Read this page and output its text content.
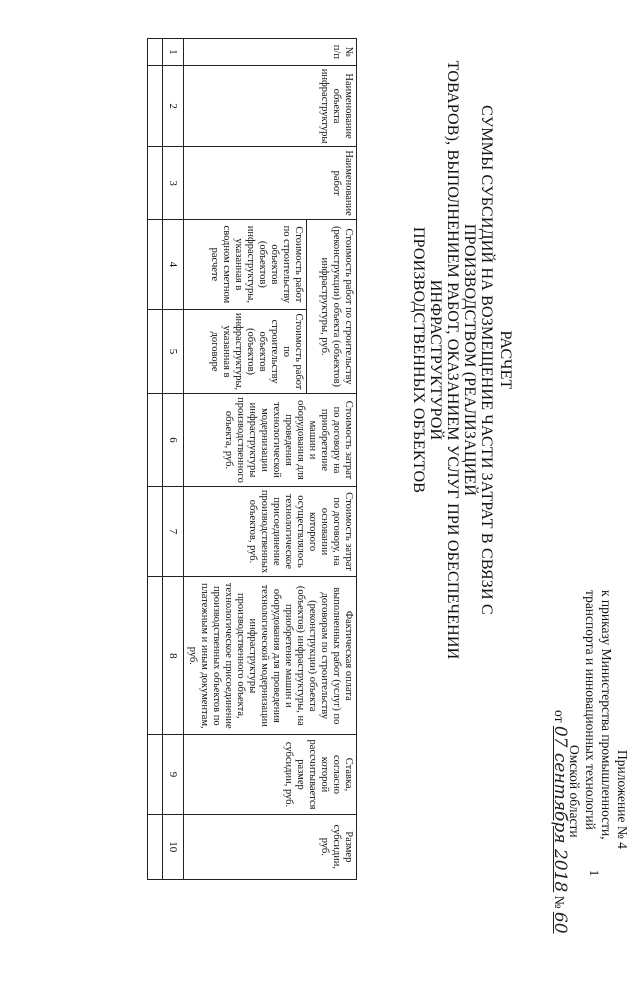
1
Приложение № 4
к приказу Министерства промышленности,
транспорта и инновационных технологий
Омской области
от 07 сентября 2018 № 60
РАСЧЕТ
СУММЫ СУБСИДИЙ НА ВОЗМЕЩЕНИЕ ЧАСТИ ЗАТРАТ В СВЯЗИ С ПРОИЗВОДСТВОМ (РЕАЛИЗАЦИЕЙ
ТОВАРОВ), ВЫПОЛНЕНИЕМ РАБОТ, ОКАЗАНИЕМ УСЛУГ ПРИ ОБЕСПЕЧЕНИИ ИНФРАСТРУКТУРОЙ
ПРОИЗВОДСТВЕННЫХ ОБЪЕКТОВ
№ п/п	Наименование объекта инфраструктуры	Наименование работ	Стоимость работ по строительству (реконструкции) объекта (объектов) инфраструктуры, руб.		Стоимость затрат по договору на приобретение машин и оборудования для проведения технологической модернизации инфраструктуры производственного объекта, руб.	Стоимость затрат по договору, на основании которого осуществлялось технологическое присоединение производственных объектов, руб.	Фактическая оплата выполненных работ (услуг) по договорам по строительству (реконструкции) объекта (объектов) инфраструктуры, на приобретение машин и оборудования для проведения технологической модернизации инфраструктуры производственного объекта, технологическое присоединение производственных объектов по платежным и иным документам, руб.	Ставка, согласно которой рассчитывается размер субсидии, руб.	Размер субсидии, руб.
			Стоимость работ по строительству объектов (объектов) инфраструктуры, указанная в сводном сметном расчете	Стоимость работ по строительству объектов (объектов) инфраструктуры, указанная в договоре					
1	2	3	4	5	6	7	8	9	10
